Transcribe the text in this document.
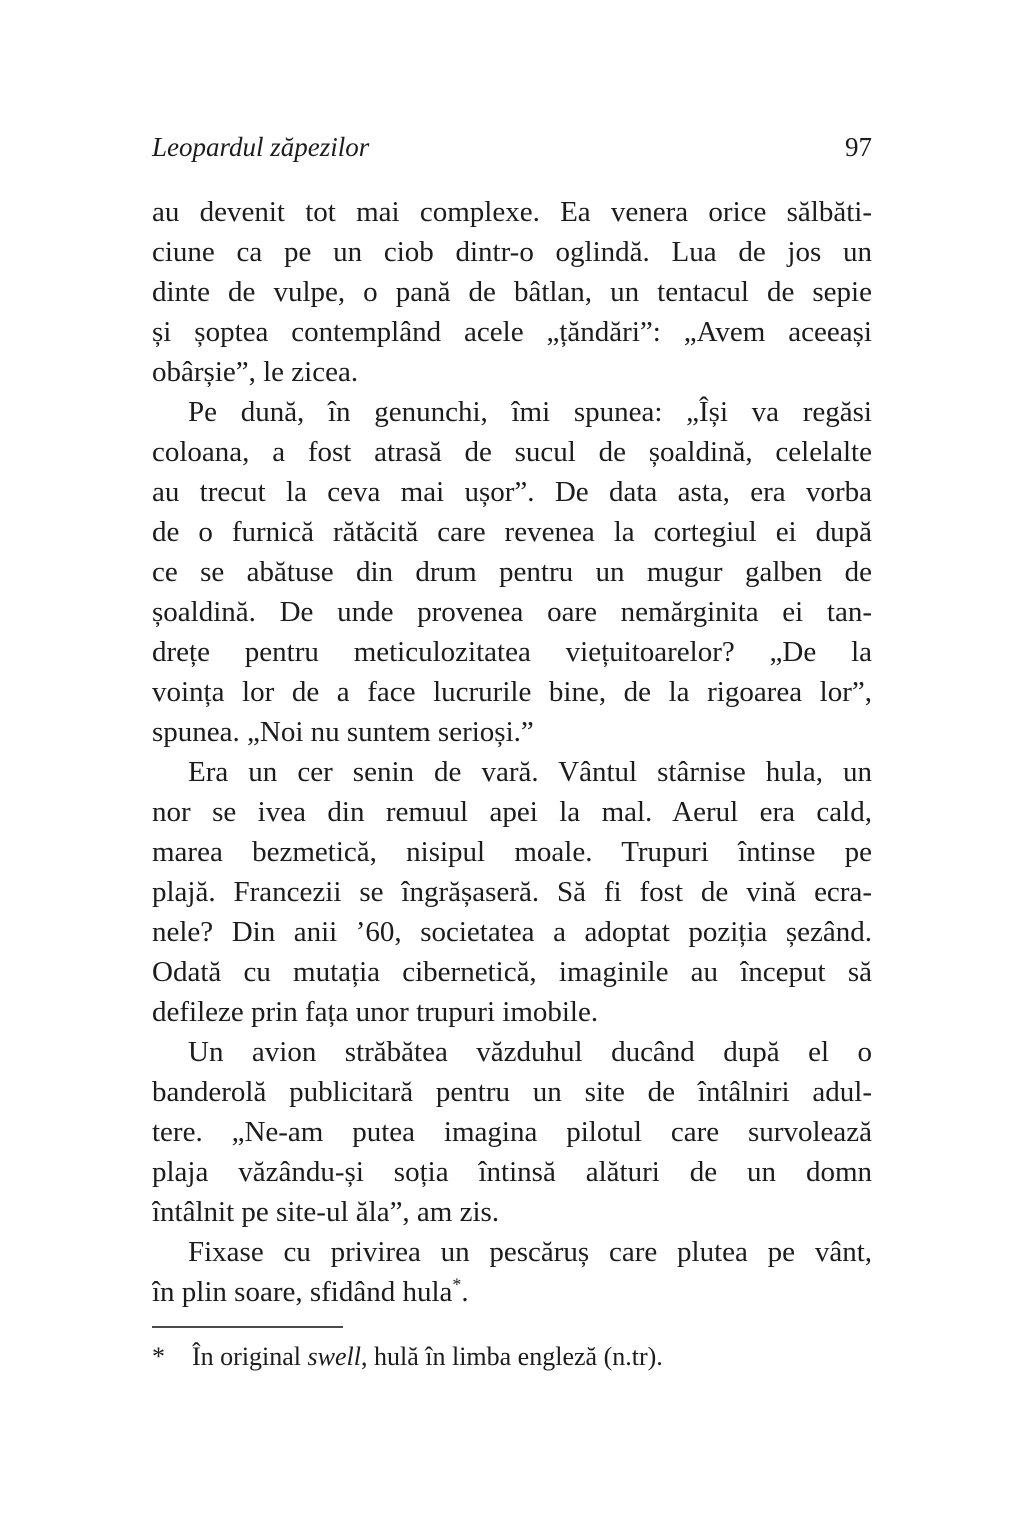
Leopardul zăpezilor	97
au devenit tot mai complexe. Ea venera orice sălbăti-
ciune ca pe un ciob dintr-o oglindă. Lua de jos un
dinte de vulpe, o pană de bâtlan, un tentacul de sepie
și șoptea contemplând acele „țăndări”: „Avem aceeași
obârșie”, le zicea.
Pe dună, în genunchi, îmi spunea: „Își va regăsi
coloana, a fost atrasă de sucul de șoaldină, celelalte
au trecut la ceva mai ușor”. De data asta, era vorba
de o furnică rătăcită care revenea la cortegiul ei după
ce se abătuse din drum pentru un mugur galben de
șoaldină. De unde provenea oare nemărginita ei tan-
drețe pentru meticulozitatea viețuitoarelor? „De la
voința lor de a face lucrurile bine, de la rigoarea lor”,
spunea. „Noi nu suntem serioși.”
Era un cer senin de vară. Vântul stârnise hula, un
nor se ivea din remuul apei la mal. Aerul era cald,
marea bezmetică, nisipul moale. Trupuri întinse pe
plajă. Francezii se îngrășaseră. Să fi fost de vină ecra-
nele? Din anii ’60, societatea a adoptat poziția șezând.
Odată cu mutația cibernetică, imaginile au început să
defileze prin fața unor trupuri imobile.
Un avion străbătea văzduhul ducând după el o
banderolă publicitară pentru un site de întâlniri adul-
tere. „Ne-am putea imagina pilotul care survolează
plaja văzându-și soția întinsă alături de un domn
întâlnit pe site-ul ăla”, am zis.
Fixase cu privirea un pescăruș care plutea pe vânt,
în plin soare, sfidând hula*.
*	În original swell, hulă în limba engleză (n.tr).
